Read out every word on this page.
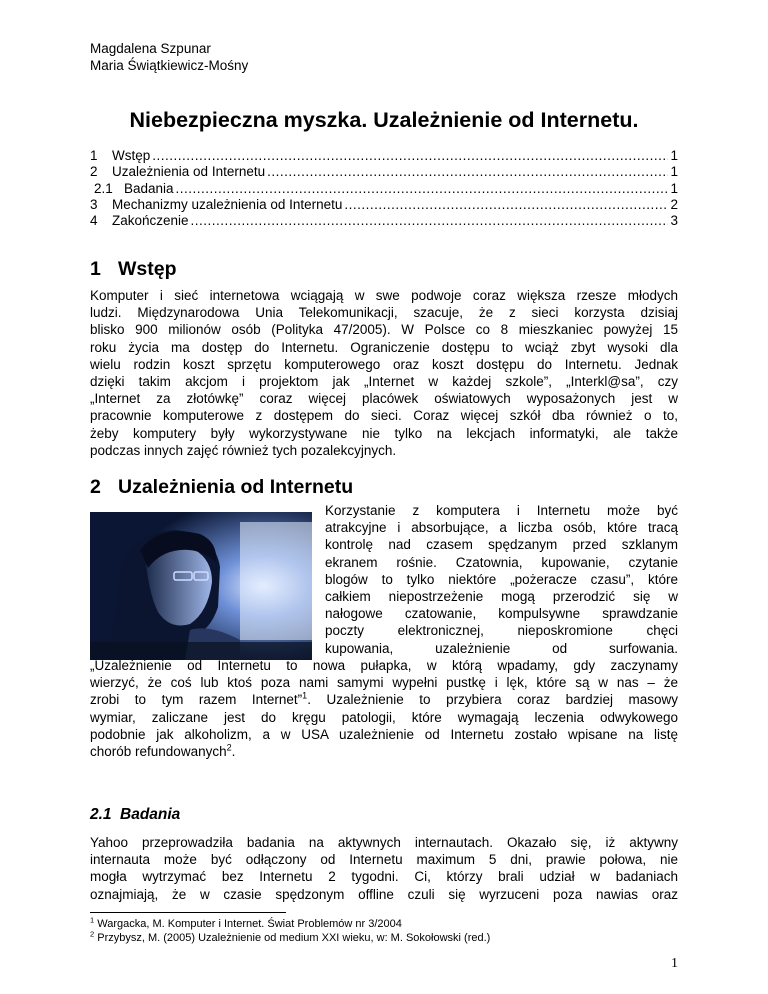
Magdalena Szpunar
Maria Świątkiewicz-Mośny
Niebezpieczna myszka. Uzależnienie od Internetu.
1	Wstęp .....	1
2	Uzależnienia od Internetu .....	1
2.1 Badania .....	1
3	Mechanizmy uzależnienia od Internetu .....	2
4	Zakończenie .....	3
1 Wstęp
Komputer i sieć internetowa wciągają w swe podwoje coraz większa rzesze młodych
ludzi. Międzynarodowa Unia Telekomunikacji, szacuje, że z sieci korzysta dzisiaj
blisko 900 milionów osób (Polityka 47/2005). W Polsce co 8 mieszkaniec powyżej 15
roku życia ma dostęp do Internetu. Ograniczenie dostępu to wciąż zbyt wysoki dla
wielu rodzin koszt sprzętu komputerowego oraz koszt dostępu do Internetu. Jednak
dzięki takim akcjom i projektom jak „Internet w każdej szkole”, „Interkl@sa”, czy
„Internet za złotówkę” coraz więcej placówek oświatowych wyposażonych jest w
pracownie komputerowe z dostępem do sieci. Coraz więcej szkół dba również o to,
żeby komputery były wykorzystywane nie tylko na lekcjach informatyki, ale także
podczas innych zajęć również tych pozalekcyjnych.
2 Uzależnienia od Internetu
Korzystanie z komputera i Internetu może być
atrakcyjne i absorbujące, a liczba osób, które tracą
kontrolę nad czasem spędzanym przed szklanym
ekranem rośnie. Czatownia, kupowanie, czytanie
blogów to tylko niektóre „pożeracze czasu”, które
całkiem niepostrzeżenie mogą przerodzić się w
nałogowe czatowanie, kompulsywne sprawdzanie
poczty elektronicznej, nieposkromione chęci
kupowania, uzależnienie od surfowania.
„Uzależnienie od Internetu to nowa pułapka, w którą wpadamy, gdy zaczynamy
wierzyć, że coś lub ktoś poza nami samymi wypełni pustkę i lęk, które są w nas – że
zrobi to tym razem Internet”$^1$. Uzależnienie to przybiera coraz bardziej masowy
wymiar, zaliczane jest do kręgu patologii, które wymagają leczenia odwykowego
podobnie jak alkoholizm, a w USA uzależnienie od Internetu zostało wpisane na listę
chorób refundowanych$^2$.
2.1 Badania
Yahoo przeprowadziła badania na aktywnych internautach. Okazało się, iż aktywny
internauta może być odłączony od Internetu maximum 5 dni, prawie połowa, nie
mogła wytrzymać bez Internetu 2 tygodni. Ci, którzy brali udział w badaniach
oznajmiają, że w czasie spędzonym offline czuli się wyrzuceni poza nawias oraz
$^1$ Wargacka, M. Komputer i Internet. Świat Problemów nr 3/2004
$^2$ Przybysz, M. (2005) Uzależnienie od medium XXI wieku, w: M. Sokołowski (red.)
1
